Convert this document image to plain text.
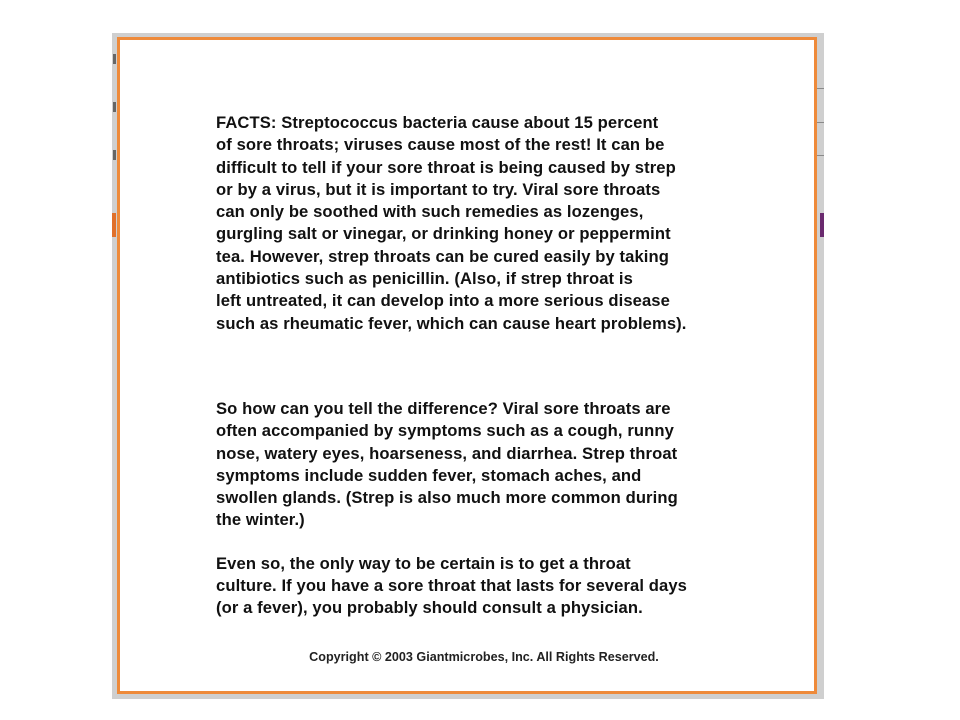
FACTS: Streptococcus bacteria cause about 15 percent
of sore throats; viruses cause most of the rest! It can be
difficult to tell if your sore throat is being caused by strep
or by a virus, but it is important to try. Viral sore throats
can only be soothed with such remedies as lozenges,
gurgling salt or vinegar, or drinking honey or peppermint
tea. However, strep throats can be cured easily by taking
antibiotics such as penicillin. (Also, if strep throat is
left untreated, it can develop into a more serious disease
such as rheumatic fever, which can cause heart problems).

So how can you tell the difference? Viral sore throats are
often accompanied by symptoms such as a cough, runny
nose, watery eyes, hoarseness, and diarrhea. Strep throat
symptoms include sudden fever, stomach aches, and
swollen glands. (Strep is also much more common during
the winter.)

Even so, the only way to be certain is to get a throat
culture. If you have a sore throat that lasts for several days
(or a fever), you probably should consult a physician.

Copyright © 2003 Giantmicrobes, Inc. All Rights Reserved.
